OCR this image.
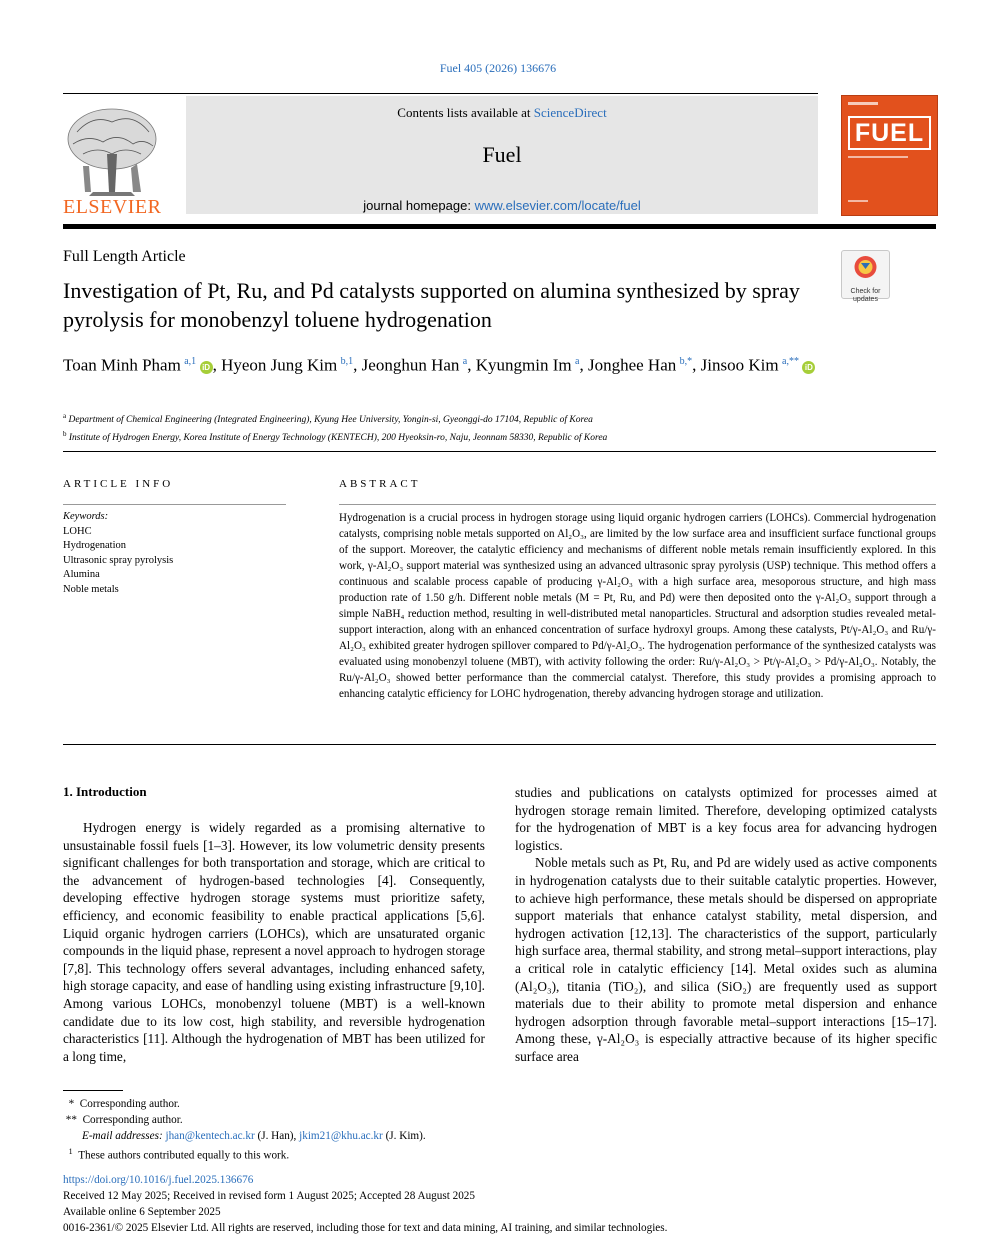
Fuel 405 (2026) 136676
ELSEVIER
Contents lists available at ScienceDirect
Fuel
journal homepage: www.elsevier.com/locate/fuel
FUEL
Full Length Article
Investigation of Pt, Ru, and Pd catalysts supported on alumina synthesized by spray pyrolysis for monobenzyl toluene hydrogenation
Check for updates
Toan Minh Pham  $^{a,1}$ iD , Hyeon Jung Kim  $^{b,1}$, Jeonghun Han  $^a$, Kyungmin Im  $^a$, Jonghee Han  $^{b,*}$, Jinsoo Kim  $^{a,**}$ iD
$^a$ Department of Chemical Engineering (Integrated Engineering), Kyung Hee University, Yongin-si, Gyeonggi-do 17104, Republic of Korea
$^b$ Institute of Hydrogen Energy, Korea Institute of Energy Technology (KENTECH), 200 Hyeoksin-ro, Naju, Jeonnam 58330, Republic of Korea
ARTICLE INFO
Keywords:
LOHC
Hydrogenation
Ultrasonic spray pyrolysis
Alumina
Noble metals
ABSTRACT
Hydrogenation is a crucial process in hydrogen storage using liquid organic hydrogen carriers (LOHCs). Commercial hydrogenation catalysts, comprising noble metals supported on Al₂O₃, are limited by the low surface area and insufficient surface functional groups of the support. Moreover, the catalytic efficiency and mechanisms of different noble metals remain insufficiently explored. In this work, γ-Al₂O₃ support material was synthesized using an advanced ultrasonic spray pyrolysis (USP) technique. This method offers a continuous and scalable process capable of producing γ-Al₂O₃ with a high surface area, mesoporous structure, and high mass production rate of 1.50 g/h. Different noble metals (M = Pt, Ru, and Pd) were then deposited onto the γ-Al₂O₃ support through a simple NaBH₄ reduction method, resulting in well-distributed metal nanoparticles. Structural and adsorption studies revealed metal-support interaction, along with an enhanced concentration of surface hydroxyl groups. Among these catalysts, Pt/γ-Al₂O₃ and Ru/γ-Al₂O₃ exhibited greater hydrogen spillover compared to Pd/γ-Al₂O₃. The hydrogenation performance of the synthesized catalysts was evaluated using monobenzyl toluene (MBT), with activity following the order: Ru/γ-Al₂O₃ > Pt/γ-Al₂O₃ > Pd/γ-Al₂O₃. Notably, the Ru/γ-Al₂O₃ showed better performance than the commercial catalyst. Therefore, this study provides a promising approach to enhancing catalytic efficiency for LOHC hydrogenation, thereby advancing hydrogen storage and utilization.
1. Introduction

Hydrogen energy is widely regarded as a promising alternative to unsustainable fossil fuels [1–3]. However, its low volumetric density presents significant challenges for both transportation and storage, which are critical to the advancement of hydrogen-based technologies [4]. Consequently, developing effective hydrogen storage systems must prioritize safety, efficiency, and economic feasibility to enable practical applications [5,6]. Liquid organic hydrogen carriers (LOHCs), which are unsaturated organic compounds in the liquid phase, represent a novel approach to hydrogen storage [7,8]. This technology offers several advantages, including enhanced safety, high storage capacity, and ease of handling using existing infrastructure [9,10]. Among various LOHCs, monobenzyl toluene (MBT) is a well-known candidate due to its low cost, high stability, and reversible hydrogenation characteristics [11]. Although the hydrogenation of MBT has been utilized for a long time,

studies and publications on catalysts optimized for processes aimed at hydrogen storage remain limited. Therefore, developing optimized catalysts for the hydrogenation of MBT is a key focus area for advancing hydrogen logistics.

Noble metals such as Pt, Ru, and Pd are widely used as active components in hydrogenation catalysts due to their suitable catalytic properties. However, to achieve high performance, these metals should be dispersed on appropriate support materials that enhance catalyst stability, metal dispersion, and hydrogen activation [12,13]. The characteristics of the support, particularly high surface area, thermal stability, and strong metal–support interactions, play a critical role in catalytic efficiency [14]. Metal oxides such as alumina (Al₂O₃), titania (TiO₂), and silica (SiO₂) are frequently used as support materials due to their ability to promote metal dispersion and enhance hydrogen adsorption through favorable metal–support interactions [15–17]. Among these, γ-Al₂O₃ is especially attractive because of its higher specific surface area

*  Corresponding author.
**  Corresponding author.
E-mail addresses: jhan@kentech.ac.kr (J. Han), jkim21@khu.ac.kr (J. Kim).
$^1$ These authors contributed equally to this work.
https://doi.org/10.1016/j.fuel.2025.136676
Received 12 May 2025; Received in revised form 1 August 2025; Accepted 28 August 2025
Available online 6 September 2025
0016-2361/© 2025 Elsevier Ltd. All rights are reserved, including those for text and data mining, AI training, and similar technologies.
